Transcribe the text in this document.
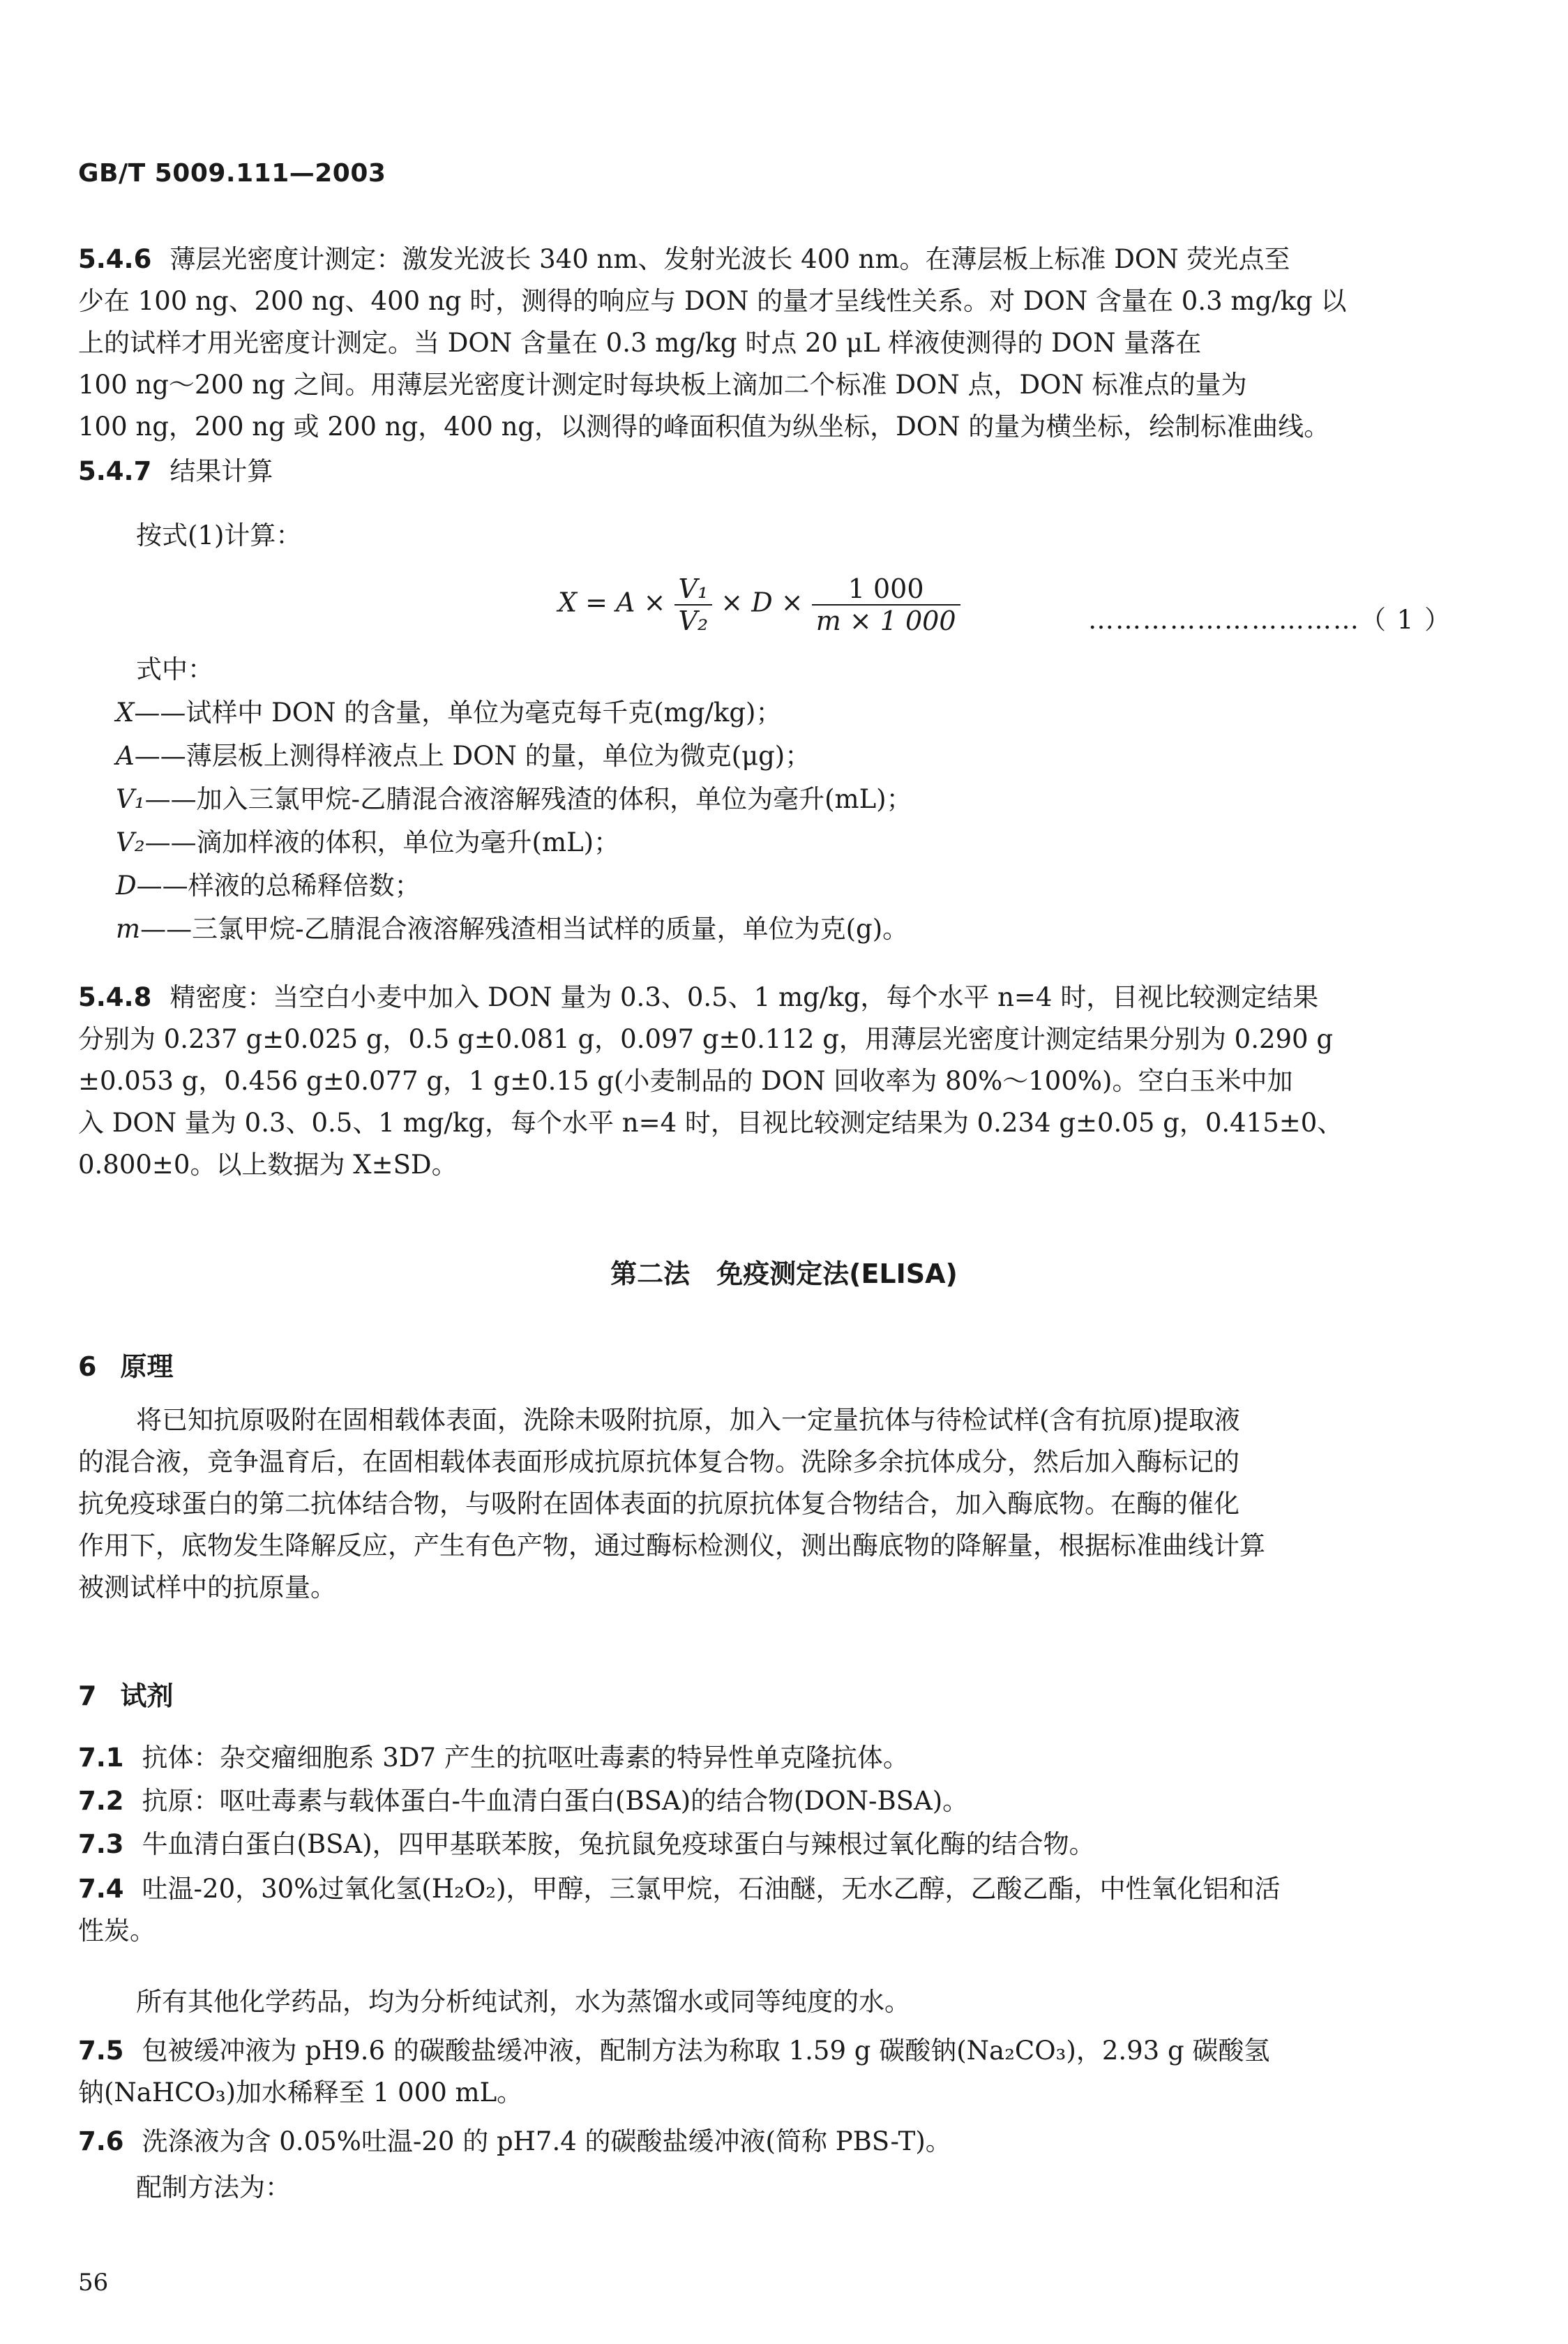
GB/T 5009.111—2003
5.4.6 薄层光密度计测定：激发光波长 340 nm、发射光波长 400 nm。在薄层板上标准 DON 荧光点至
少在 100 ng、200 ng、400 ng 时，测得的响应与 DON 的量才呈线性关系。对 DON 含量在 0.3 mg/kg 以
上的试样才用光密度计测定。当 DON 含量在 0.3 mg/kg 时点 20 μL 样液使测得的 DON 量落在
100 ng～200 ng 之间。用薄层光密度计测定时每块板上滴加二个标准 DON 点，DON 标准点的量为
100 ng，200 ng 或 200 ng，400 ng，以测得的峰面积值为纵坐标，DON 的量为横坐标，绘制标准曲线。
5.4.7 结果计算
按式(1)计算：
$X = A \times \frac{\text{V₁}}{\text{V₂}} \times D \times \frac{1 000}{m \times 1 000}$	…………………………（ 1 ）
式中：
X——试样中 DON 的含量，单位为毫克每千克(mg/kg)；
A——薄层板上测得样液点上 DON 的量，单位为微克(μg)；
V₁——加入三氯甲烷-乙腈混合液溶解残渣的体积，单位为毫升(mL)；
V₂——滴加样液的体积，单位为毫升(mL)；
D——样液的总稀释倍数；
m——三氯甲烷-乙腈混合液溶解残渣相当试样的质量，单位为克(g)。
5.4.8 精密度：当空白小麦中加入 DON 量为 0.3、0.5、1 mg/kg，每个水平 n=4 时，目视比较测定结果
分别为 0.237 g±0.025 g，0.5 g±0.081 g，0.097 g±0.112 g，用薄层光密度计测定结果分别为 0.290 g
±0.053 g，0.456 g±0.077 g，1 g±0.15 g(小麦制品的 DON 回收率为 80%～100%)。空白玉米中加
入 DON 量为 0.3、0.5、1 mg/kg，每个水平 n=4 时，目视比较测定结果为 0.234 g±0.05 g，0.415±0、
0.800±0。以上数据为 X±SD。
第二法　免疫测定法(ELISA)
6 原理
将已知抗原吸附在固相载体表面，洗除未吸附抗原，加入一定量抗体与待检试样(含有抗原)提取液
的混合液，竞争温育后，在固相载体表面形成抗原抗体复合物。洗除多余抗体成分，然后加入酶标记的
抗免疫球蛋白的第二抗体结合物，与吸附在固体表面的抗原抗体复合物结合，加入酶底物。在酶的催化
作用下，底物发生降解反应，产生有色产物，通过酶标检测仪，测出酶底物的降解量，根据标准曲线计算
被测试样中的抗原量。
7 试剂
7.1 抗体：杂交瘤细胞系 3D7 产生的抗呕吐毒素的特异性单克隆抗体。
7.2 抗原：呕吐毒素与载体蛋白-牛血清白蛋白(BSA)的结合物(DON-BSA)。
7.3 牛血清白蛋白(BSA)，四甲基联苯胺，兔抗鼠免疫球蛋白与辣根过氧化酶的结合物。
7.4 吐温-20，30%过氧化氢(H₂O₂)，甲醇，三氯甲烷，石油醚，无水乙醇，乙酸乙酯，中性氧化铝和活
性炭。
所有其他化学药品，均为分析纯试剂，水为蒸馏水或同等纯度的水。
7.5 包被缓冲液为 pH9.6 的碳酸盐缓冲液，配制方法为称取 1.59 g 碳酸钠(Na₂CO₃)，2.93 g 碳酸氢
钠(NaHCO₃)加水稀释至 1 000 mL。
7.6 洗涤液为含 0.05%吐温-20 的 pH7.4 的碳酸盐缓冲液(简称 PBS-T)。
配制方法为：
56
